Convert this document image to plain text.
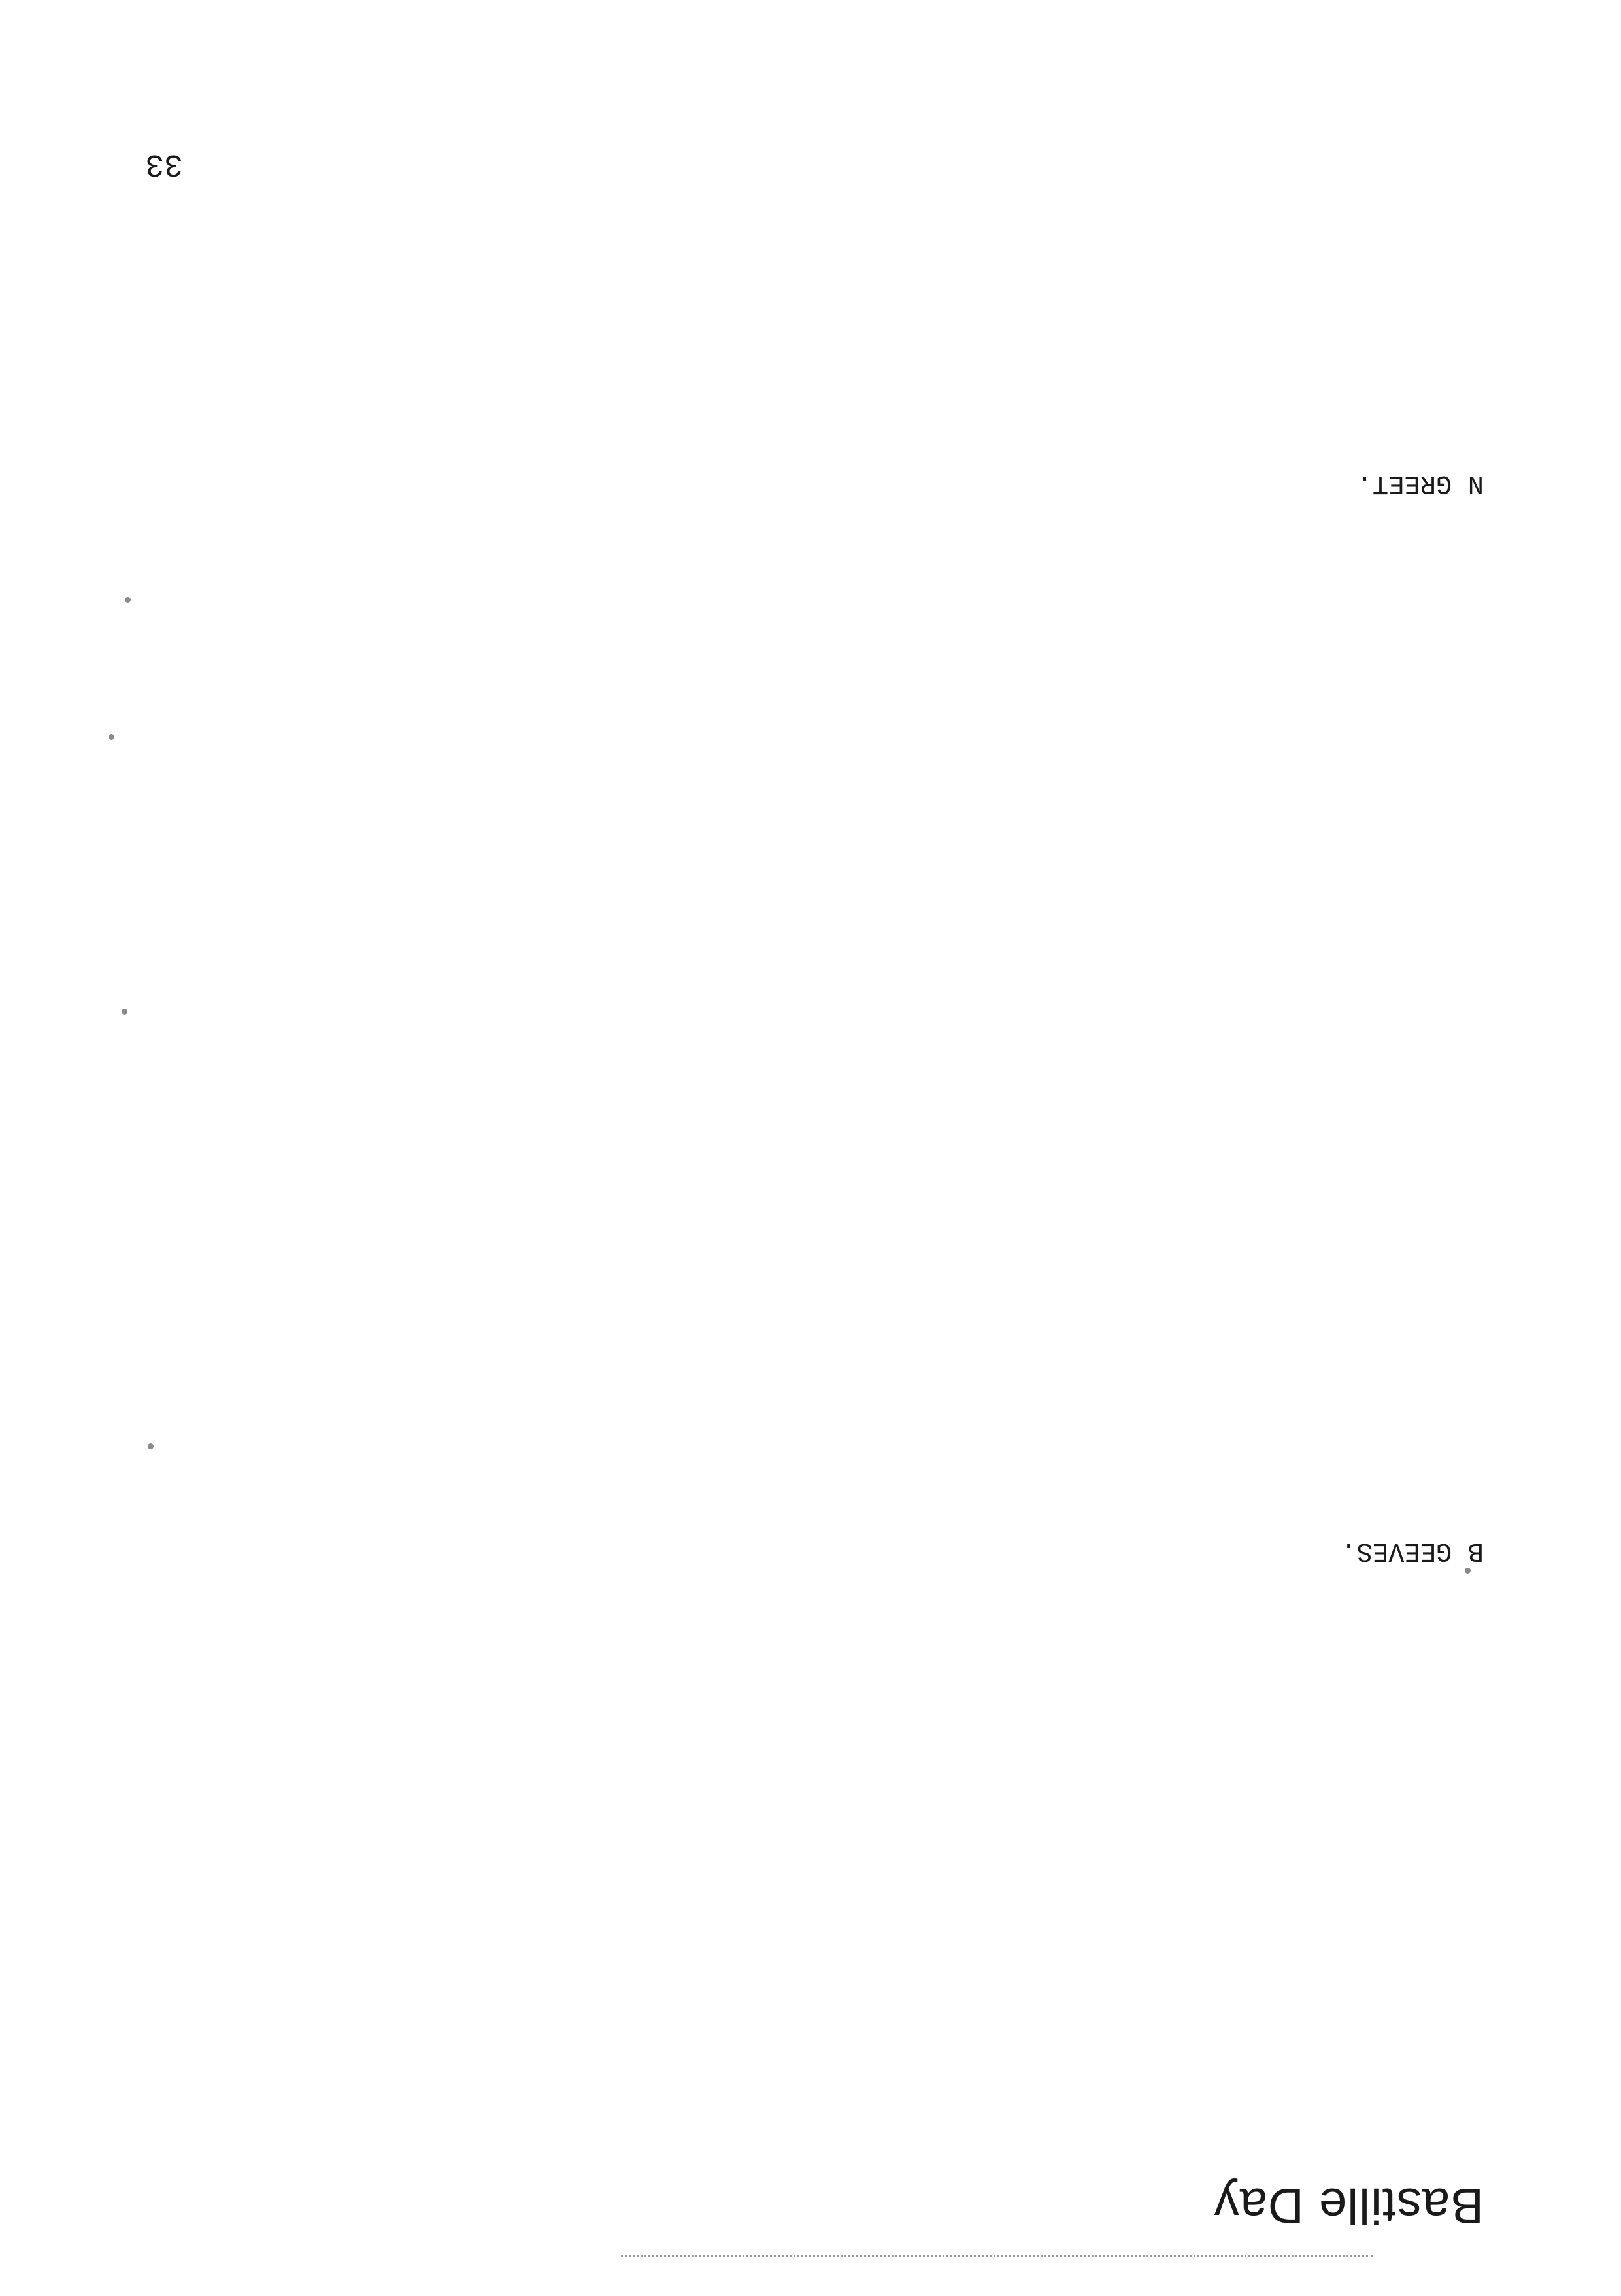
Bastille Day

B GEEVES.

N GREET.

33
